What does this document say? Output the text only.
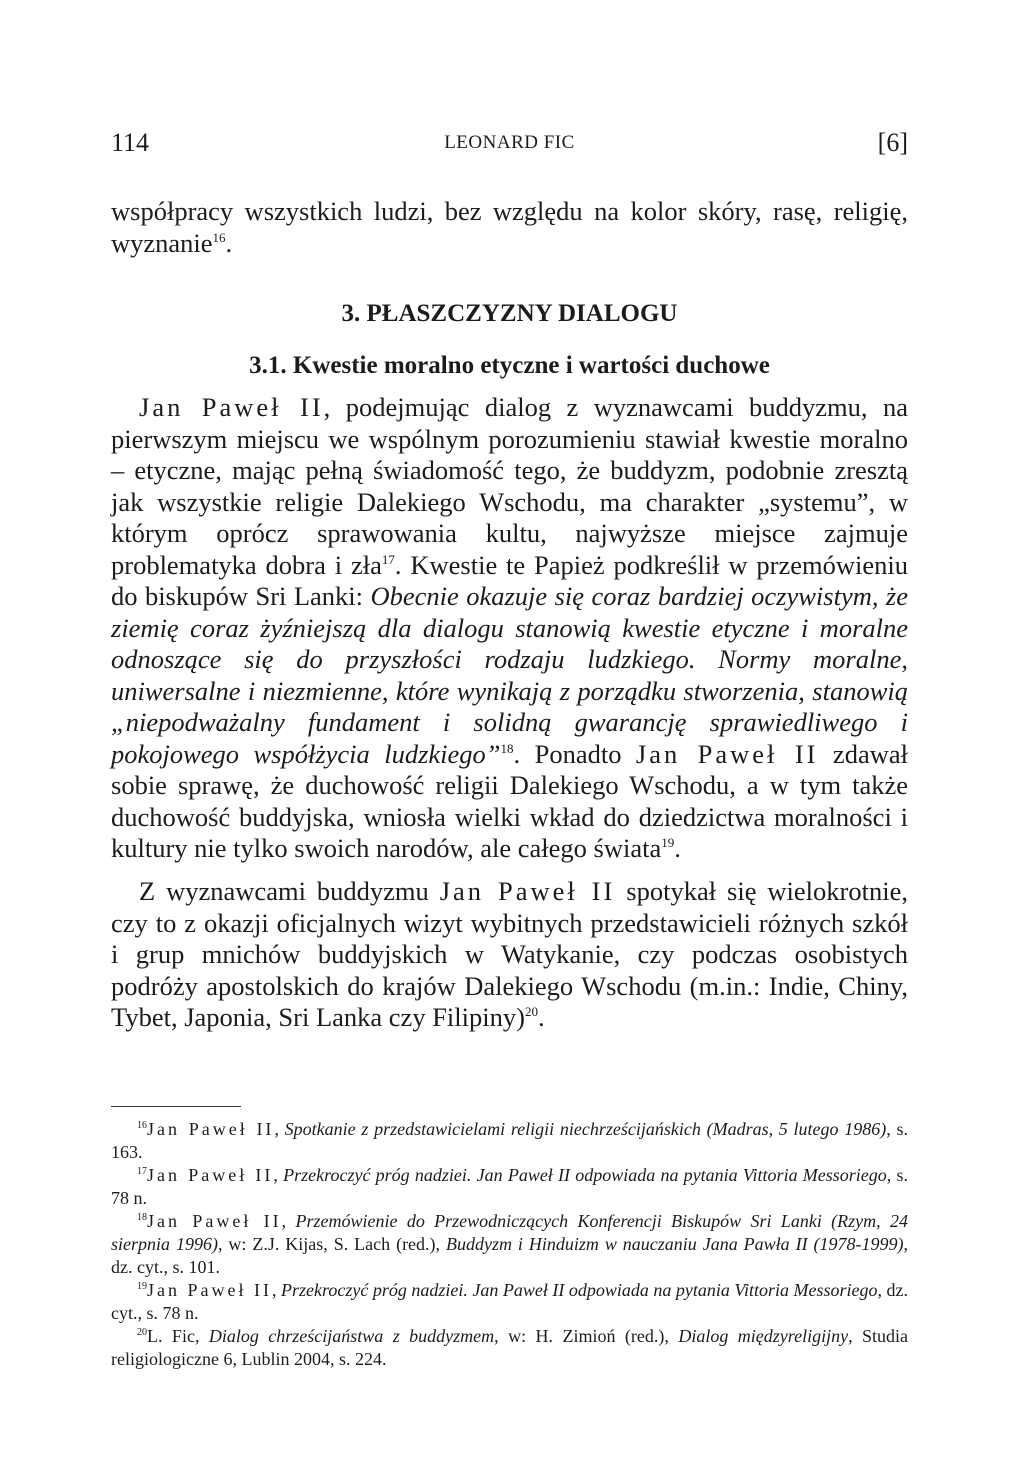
114	LEONARD FIC	[6]
współpracy wszystkich ludzi, bez względu na kolor skóry, rasę, religię, wyznanie$^{16}$.
3. PŁASZCZYZNY DIALOGU
3.1. Kwestie moralno etyczne i wartości duchowe
Jan Paweł II, podejmując dialog z wyznawcami buddyzmu, na pierwszym miejscu we wspólnym porozumieniu stawiał kwestie moralno – etyczne, mając pełną świadomość tego, że buddyzm, podobnie zresztą jak wszystkie religie Dalekiego Wschodu, ma charakter „systemu”, w którym oprócz sprawowania kultu, najwyższe miejsce zajmuje problematyka dobra i zła$^{17}$. Kwestie te Papież podkreślił w przemówieniu do biskupów Sri Lanki: Obecnie okazuje się coraz bardziej oczywistym, że ziemię coraz żyźniejszą dla dialogu stanowią kwestie etyczne i moralne odnoszące się do przyszłości rodzaju ludzkiego. Normy moralne, uniwersalne i niezmienne, które wynikają z porządku stworzenia, stanowią „niepodważalny fundament i solidną gwarancję sprawiedliwego i pokojowego współżycia ludzkiego”$^{18}$. Ponadto Jan Paweł II zdawał sobie sprawę, że duchowość religii Dalekiego Wschodu, a w tym także duchowość buddyjska, wniosła wielki wkład do dziedzictwa moralności i kultury nie tylko swoich narodów, ale całego świata$^{19}$.
Z wyznawcami buddyzmu Jan Paweł II spotykał się wielokrotnie, czy to z okazji oficjalnych wizyt wybitnych przedstawicieli różnych szkół i grup mnichów buddyjskich w Watykanie, czy podczas osobistych podróży apostolskich do krajów Dalekiego Wschodu (m.in.: Indie, Chiny, Tybet, Japonia, Sri Lanka czy Filipiny)$^{20}$.

$^{16}$Jan Paweł II, Spotkanie z przedstawicielami religii niechrześcijańskich (Madras, 5 lutego 1986), s. 163.

$^{17}$Jan Paweł II, Przekroczyć próg nadziei. Jan Paweł II odpowiada na pytania Vittoria Messoriego, s. 78 n.

$^{18}$Jan Paweł II, Przemówienie do Przewodniczących Konferencji Biskupów Sri Lanki (Rzym, 24 sierpnia 1996), w: Z.J. Kijas, S. Lach (red.), Buddyzm i Hinduizm w nauczaniu Jana Pawła II (1978-1999), dz. cyt., s. 101.

$^{19}$Jan Paweł II, Przekroczyć próg nadziei. Jan Paweł II odpowiada na pytania Vittoria Messoriego, dz. cyt., s. 78 n.

$^{20}$L. Fic, Dialog chrześcijaństwa z buddyzmem, w: H. Zimioń (red.), Dialog międzyreligijny, Studia religiologiczne 6, Lublin 2004, s. 224.
